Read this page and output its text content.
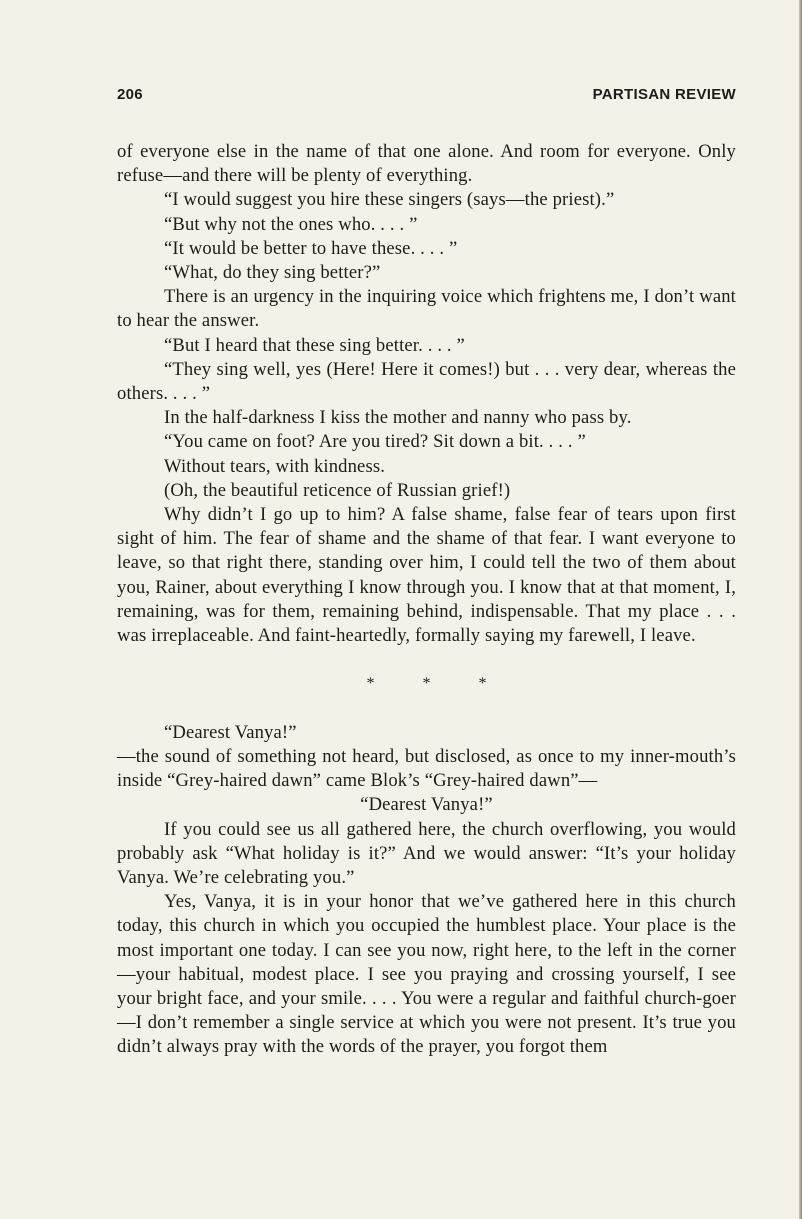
206	PARTISAN REVIEW

of everyone else in the name of that one alone. And room for everyone. Only refuse—and there will be plenty of everything.

“I would suggest you hire these singers (says—the priest).”

“But why not the ones who. . . . ”

“It would be better to have these. . . . ”

“What, do they sing better?”

There is an urgency in the inquiring voice which frightens me, I don’t want to hear the answer.

“But I heard that these sing better. . . . ”

“They sing well, yes (Here! Here it comes!) but . . . very dear, whereas the others. . . . ”

In the half-darkness I kiss the mother and nanny who pass by.

“You came on foot? Are you tired? Sit down a bit. . . . ”

Without tears, with kindness.

(Oh, the beautiful reticence of Russian grief!)

Why didn’t I go up to him? A false shame, false fear of tears upon first sight of him. The fear of shame and the shame of that fear. I want everyone to leave, so that right there, standing over him, I could tell the two of them about you, Rainer, about everything I know through you. I know that at that moment, I, remaining, was for them, remaining behind, indispensable. That my place . . . was irreplaceable. And faint-heartedly, formally saying my farewell, I leave.

* * *

“Dearest Vanya!”

—the sound of something not heard, but disclosed, as once to my inner-mouth’s inside “Grey-haired dawn” came Blok’s “Grey-haired dawn”—

“Dearest Vanya!”

If you could see us all gathered here, the church overflowing, you would probably ask “What holiday is it?” And we would answer: “It’s your holiday Vanya. We’re celebrating you.”

Yes, Vanya, it is in your honor that we’ve gathered here in this church today, this church in which you occupied the humblest place. Your place is the most important one today. I can see you now, right here, to the left in the corner—your habitual, modest place. I see you praying and crossing yourself, I see your bright face, and your smile. . . . You were a regular and faithful church-goer—I don’t remember a single service at which you were not present. It’s true you didn’t always pray with the words of the prayer, you forgot them
